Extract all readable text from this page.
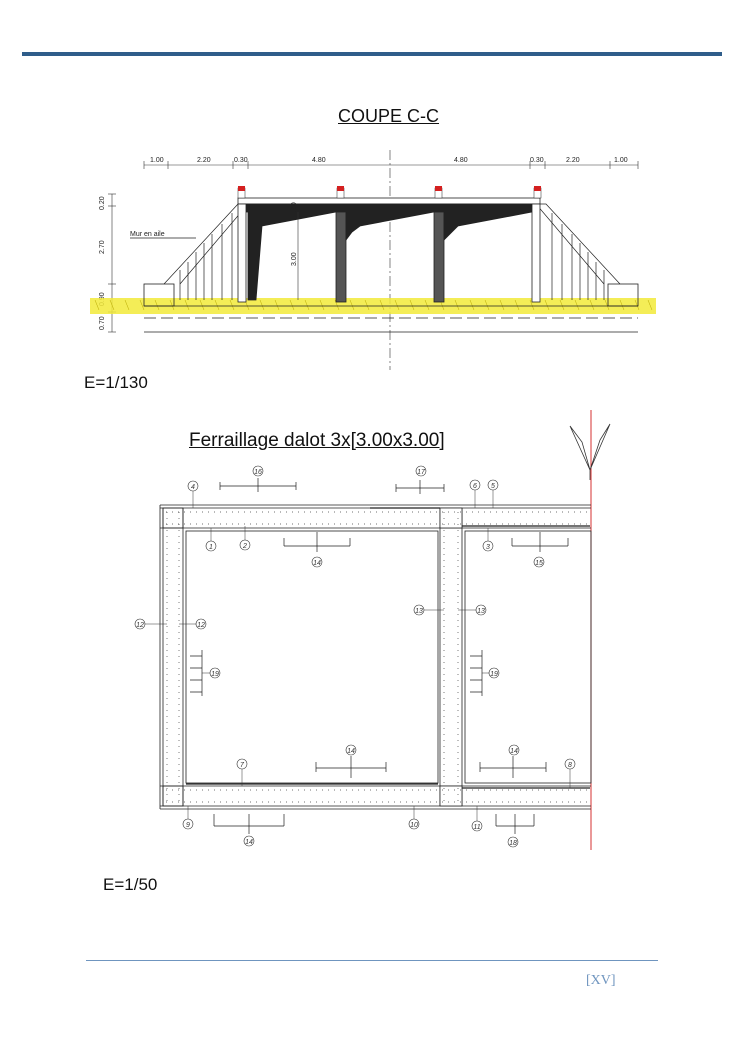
COUPE C-C
1.00	2.20	0.30	4.80	4.80	0.30	2.20	1.00
0.20
2.70
0.70
Mur en aile
3.00
.30
E=1/130
Ferraillage dalot 3x[3.00x3.00]
1	2	3
4	5
6
7	8
9	10	11
12	12
13	13
14	15
16	17
14	14
14	18
19	19
E=1/50
[XV]
